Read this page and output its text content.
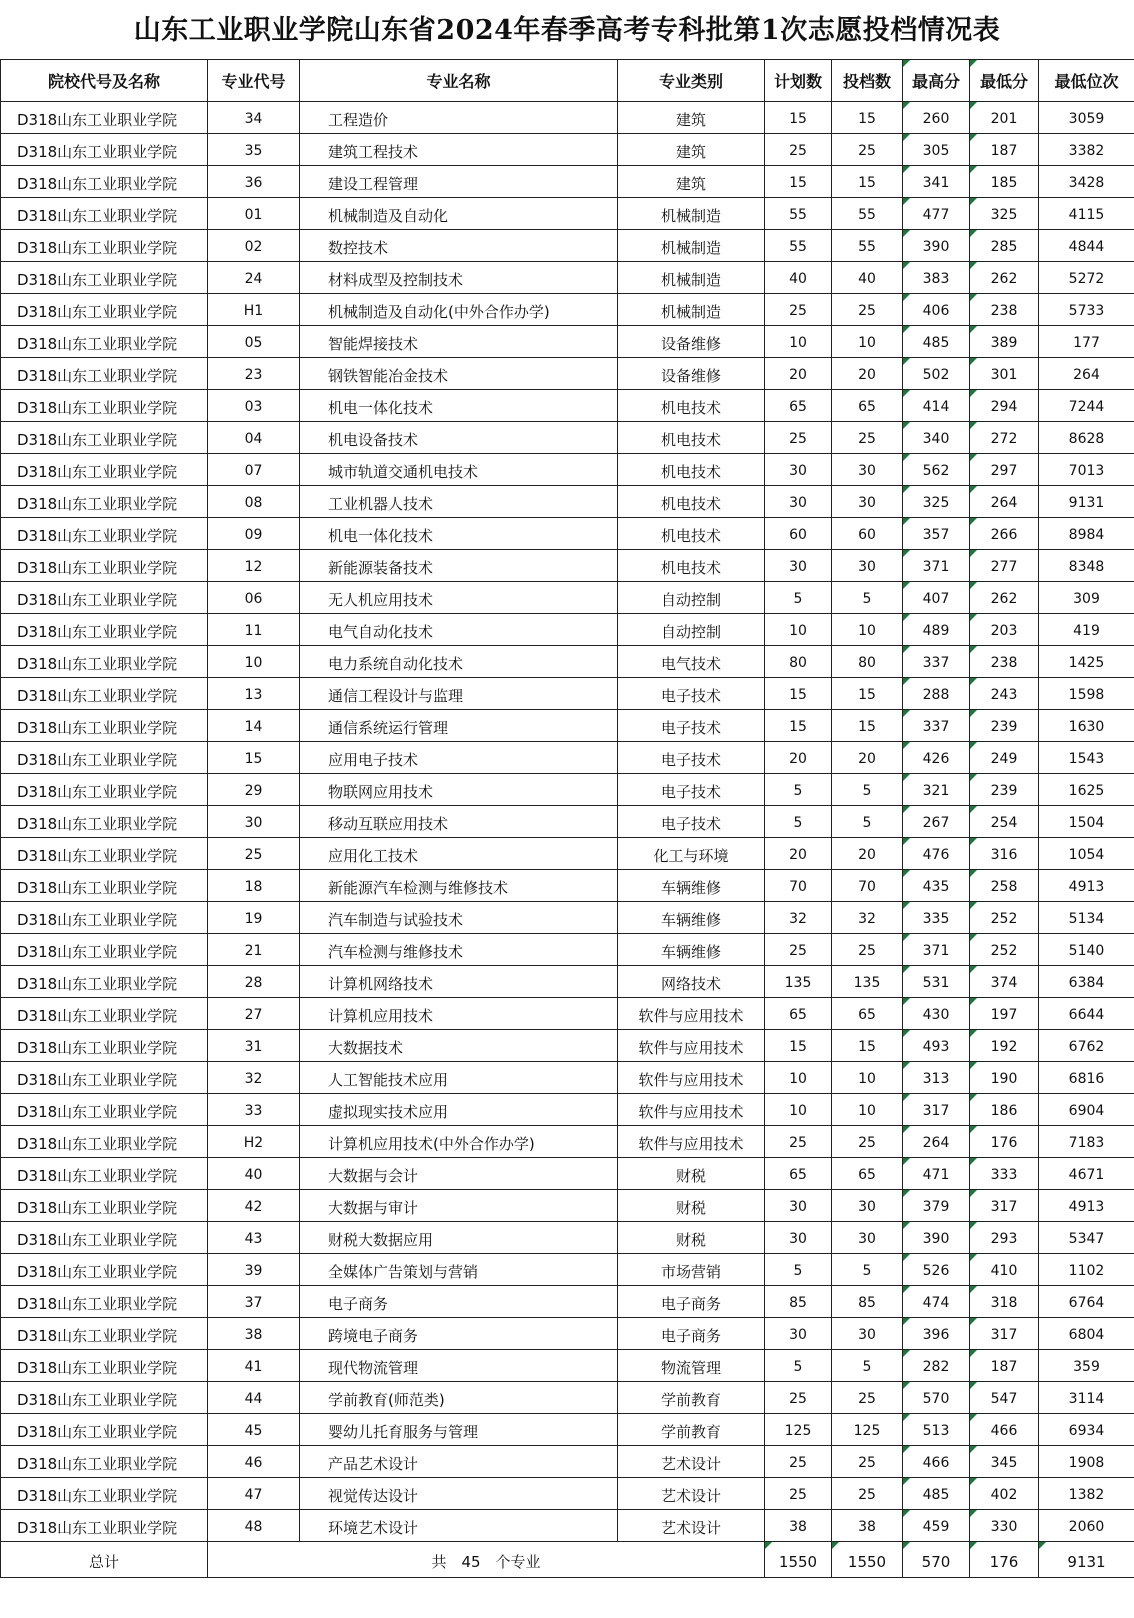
山东工业职业学院山东省2024年春季高考专科批第1次志愿投档情况表
院校代号及名称	专业代号	专业名称	专业类别	计划数	投档数	最高分	最低分	最低位次
D318山东工业职业学院	34	工程造价	建筑	15	15	260	201	3059
D318山东工业职业学院	35	建筑工程技术	建筑	25	25	305	187	3382
D318山东工业职业学院	36	建设工程管理	建筑	15	15	341	185	3428
D318山东工业职业学院	01	机械制造及自动化	机械制造	55	55	477	325	4115
D318山东工业职业学院	02	数控技术	机械制造	55	55	390	285	4844
D318山东工业职业学院	24	材料成型及控制技术	机械制造	40	40	383	262	5272
D318山东工业职业学院	H1	机械制造及自动化(中外合作办学)	机械制造	25	25	406	238	5733
D318山东工业职业学院	05	智能焊接技术	设备维修	10	10	485	389	177
D318山东工业职业学院	23	钢铁智能冶金技术	设备维修	20	20	502	301	264
D318山东工业职业学院	03	机电一体化技术	机电技术	65	65	414	294	7244
D318山东工业职业学院	04	机电设备技术	机电技术	25	25	340	272	8628
D318山东工业职业学院	07	城市轨道交通机电技术	机电技术	30	30	562	297	7013
D318山东工业职业学院	08	工业机器人技术	机电技术	30	30	325	264	9131
D318山东工业职业学院	09	机电一体化技术	机电技术	60	60	357	266	8984
D318山东工业职业学院	12	新能源装备技术	机电技术	30	30	371	277	8348
D318山东工业职业学院	06	无人机应用技术	自动控制	5	5	407	262	309
D318山东工业职业学院	11	电气自动化技术	自动控制	10	10	489	203	419
D318山东工业职业学院	10	电力系统自动化技术	电气技术	80	80	337	238	1425
D318山东工业职业学院	13	通信工程设计与监理	电子技术	15	15	288	243	1598
D318山东工业职业学院	14	通信系统运行管理	电子技术	15	15	337	239	1630
D318山东工业职业学院	15	应用电子技术	电子技术	20	20	426	249	1543
D318山东工业职业学院	29	物联网应用技术	电子技术	5	5	321	239	1625
D318山东工业职业学院	30	移动互联应用技术	电子技术	5	5	267	254	1504
D318山东工业职业学院	25	应用化工技术	化工与环境	20	20	476	316	1054
D318山东工业职业学院	18	新能源汽车检测与维修技术	车辆维修	70	70	435	258	4913
D318山东工业职业学院	19	汽车制造与试验技术	车辆维修	32	32	335	252	5134
D318山东工业职业学院	21	汽车检测与维修技术	车辆维修	25	25	371	252	5140
D318山东工业职业学院	28	计算机网络技术	网络技术	135	135	531	374	6384
D318山东工业职业学院	27	计算机应用技术	软件与应用技术	65	65	430	197	6644
D318山东工业职业学院	31	大数据技术	软件与应用技术	15	15	493	192	6762
D318山东工业职业学院	32	人工智能技术应用	软件与应用技术	10	10	313	190	6816
D318山东工业职业学院	33	虚拟现实技术应用	软件与应用技术	10	10	317	186	6904
D318山东工业职业学院	H2	计算机应用技术(中外合作办学)	软件与应用技术	25	25	264	176	7183
D318山东工业职业学院	40	大数据与会计	财税	65	65	471	333	4671
D318山东工业职业学院	42	大数据与审计	财税	30	30	379	317	4913
D318山东工业职业学院	43	财税大数据应用	财税	30	30	390	293	5347
D318山东工业职业学院	39	全媒体广告策划与营销	市场营销	5	5	526	410	1102
D318山东工业职业学院	37	电子商务	电子商务	85	85	474	318	6764
D318山东工业职业学院	38	跨境电子商务	电子商务	30	30	396	317	6804
D318山东工业职业学院	41	现代物流管理	物流管理	5	5	282	187	359
D318山东工业职业学院	44	学前教育(师范类)	学前教育	25	25	570	547	3114
D318山东工业职业学院	45	婴幼儿托育服务与管理	学前教育	125	125	513	466	6934
D318山东工业职业学院	46	产品艺术设计	艺术设计	25	25	466	345	1908
D318山东工业职业学院	47	视觉传达设计	艺术设计	25	25	485	402	1382
D318山东工业职业学院	48	环境艺术设计	艺术设计	38	38	459	330	2060
总计	共　45　个专业			1550	1550	570	176	9131
